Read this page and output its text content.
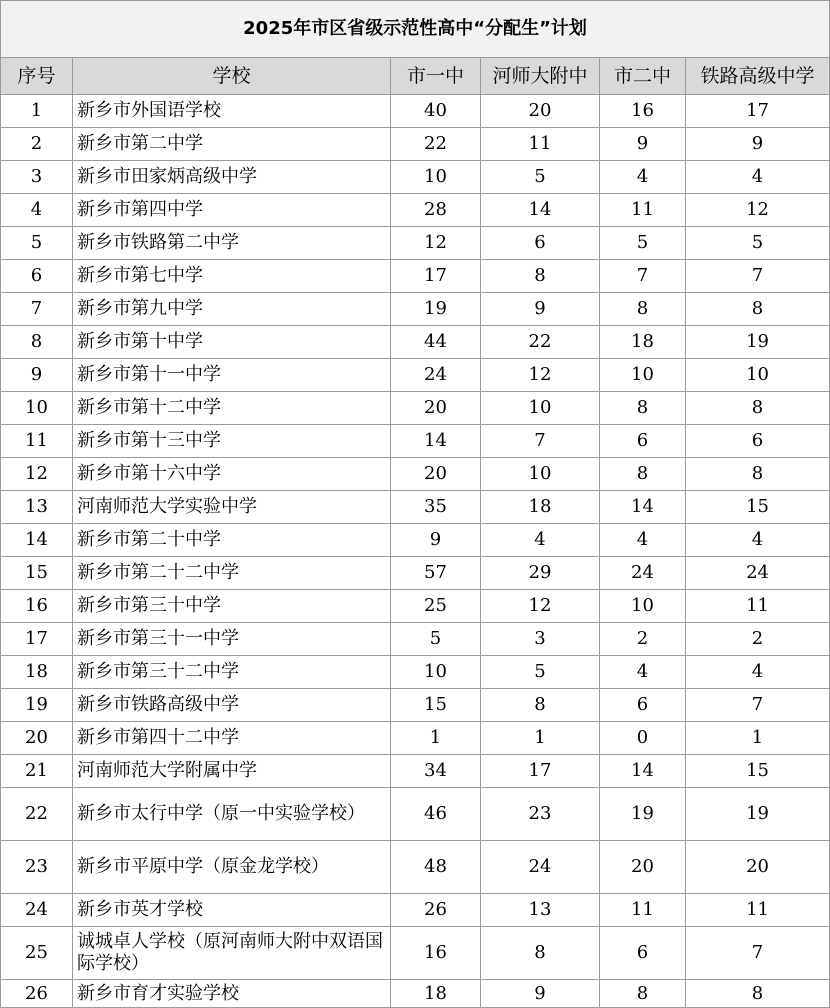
2025年市区省级示范性高中“分配生”计划					
序号	学校	市一中	河师大附中	市二中	铁路高级中学
1	新乡市外国语学校	40	20	16	17
2	新乡市第二中学	22	11	9	9
3	新乡市田家炳高级中学	10	5	4	4
4	新乡市第四中学	28	14	11	12
5	新乡市铁路第二中学	12	6	5	5
6	新乡市第七中学	17	8	7	7
7	新乡市第九中学	19	9	8	8
8	新乡市第十中学	44	22	18	19
9	新乡市第十一中学	24	12	10	10
10	新乡市第十二中学	20	10	8	8
11	新乡市第十三中学	14	7	6	6
12	新乡市第十六中学	20	10	8	8
13	河南师范大学实验中学	35	18	14	15
14	新乡市第二十中学	9	4	4	4
15	新乡市第二十二中学	57	29	24	24
16	新乡市第三十中学	25	12	10	11
17	新乡市第三十一中学	5	3	2	2
18	新乡市第三十二中学	10	5	4	4
19	新乡市铁路高级中学	15	8	6	7
20	新乡市第四十二中学	1	1	0	1
21	河南师范大学附属中学	34	17	14	15
22	新乡市太行中学（原一中实验学校）	46	23	19	19
23	新乡市平原中学（原金龙学校）	48	24	20	20
24	新乡市英才学校	26	13	11	11
25	诚城卓人学校（原河南师大附中双语国际学校）	16	8	6	7
26	新乡市育才实验学校	18	9	8	8
